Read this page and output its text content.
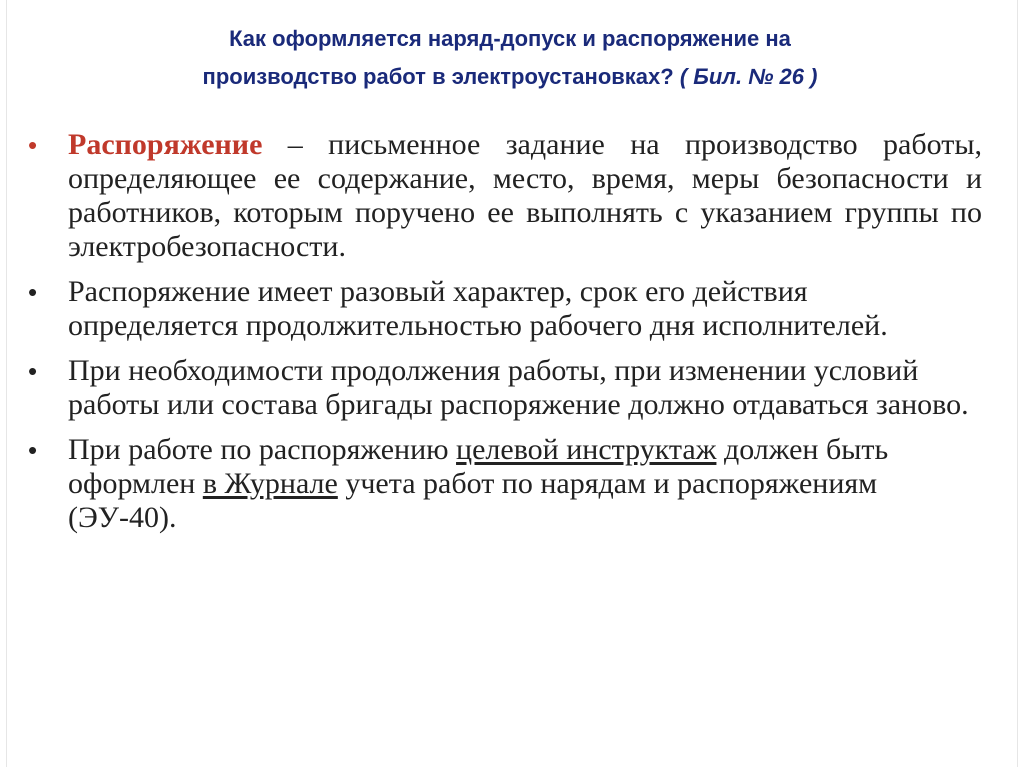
Как оформляется наряд-допуск и распоряжение на
производство работ в электроустановках? ( Бил. № 26 )
•	Распоряжение – письменное задание на производство работы, определяющее ее содержание, место, время, меры безопасности и работников, которым поручено ее выполнять с указанием группы по электробезопасности.
•	Распоряжение имеет разовый характер, срок его действия определяется продолжительностью рабочего дня исполнителей.
•	При необходимости продолжения работы, при изменении условий работы или состава бригады распоряжение должно отдаваться заново.
•	При работе по распоряжению целевой инструктаж должен быть оформлен в Журнале учета работ по нарядам и распоряжениям (ЭУ-40).
